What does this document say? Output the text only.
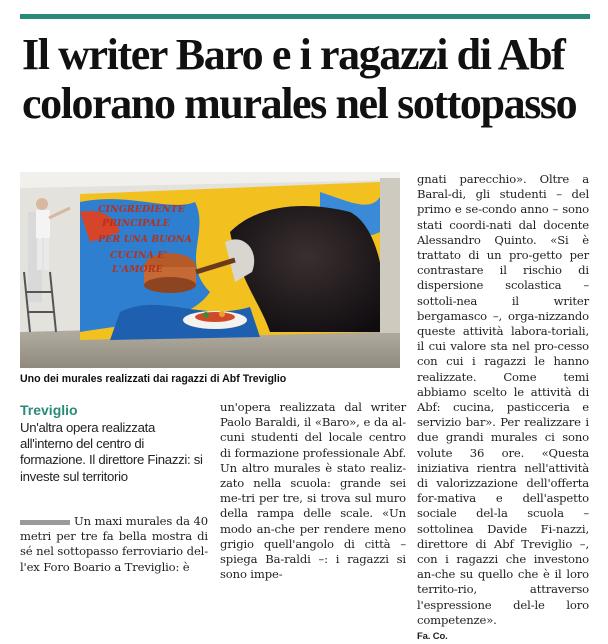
Il writer Baro e i ragazzi di Abf
colorano murales nel sottopasso
CINGREDIENTE
PRINCIPALE
PER UNA BUONA
CUCINA E'
L'AMORE
Uno dei murales realizzati dai ragazzi di Abf Treviglio
Treviglio
Un'altra opera realizzata all'interno del centro di formazione. Il direttore Finazzi: si investe sul territorio
Un maxi murales da 40 metri per tre fa bella mostra di sé nel sottopasso ferroviario del-l'ex Foro Boario a Treviglio: è
un'opera realizzata dal writer Paolo Baraldi, il «Baro», e da al-cuni studenti del locale centro di formazione professionale Abf. Un altro murales è stato realiz-zato nella scuola: grande sei me-tri per tre, si trova sul muro della rampa delle scale. «Un modo an-che per rendere meno grigio quell'angolo di città – spiega Ba-raldi –: i ragazzi si sono impe-
gnati parecchio». Oltre a Baral-di, gli studenti – del primo e se-condo anno – sono stati coordi-nati dal docente Alessandro Quinto. «Si è trattato di un pro-getto per contrastare il rischio di dispersione scolastica – sottoli-nea il writer bergamasco –, orga-nizzando queste attività labora-toriali, il cui valore sta nel pro-cesso con cui i ragazzi le hanno realizzate. Come temi abbiamo scelto le attività di Abf: cucina, pasticceria e servizio bar». Per realizzare i due grandi murales ci sono volute 36 ore. «Questa iniziativa rientra nell'attività di valorizzazione dell'offerta for-mativa e dell'aspetto sociale del-la scuola – sottolinea Davide Fi-nazzi, direttore di Abf Treviglio –, con i ragazzi che investono an-che su quello che è il loro territo-rio, attraverso l'espressione del-le loro competenze».
Fa. Co.
